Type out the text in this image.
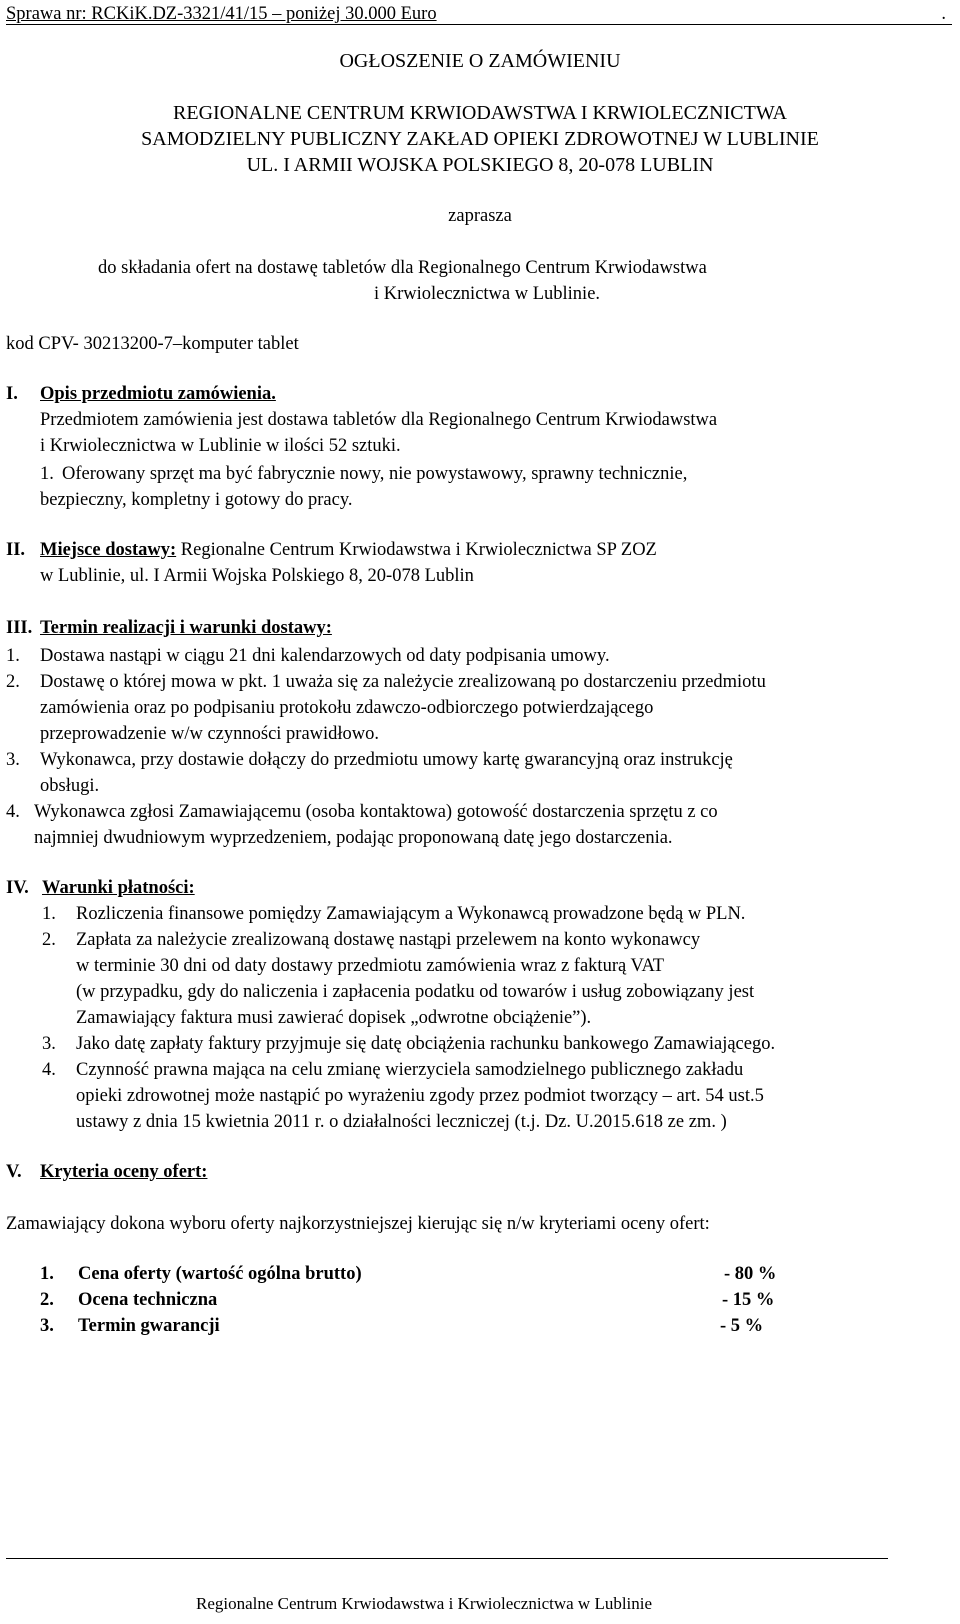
Sprawa nr: RCKiK.DZ-3321/41/15 – poniżej 30.000 Euro	.
OGŁOSZENIE O ZAMÓWIENIU
REGIONALNE CENTRUM KRWIODAWSTWA I KRWIOLECZNICTWA
SAMODZIELNY PUBLICZNY ZAKŁAD OPIEKI ZDROWOTNEJ W LUBLINIE
UL. I ARMII WOJSKA POLSKIEGO 8, 20-078 LUBLIN
zaprasza
do składania ofert na dostawę tabletów dla Regionalnego Centrum Krwiodawstwa
i Krwiolecznictwa w Lublinie.
kod CPV- 30213200-7–komputer tablet
I. Opis przedmiotu zamówienia.
Przedmiotem zamówienia jest dostawa tabletów dla Regionalnego Centrum Krwiodawstwa
i Krwiolecznictwa w Lublinie w ilości 52 sztuki.
1. Oferowany sprzęt ma być fabrycznie nowy, nie powystawowy, sprawny technicznie,
bezpieczny, kompletny i gotowy do pracy.
II. Miejsce dostawy: Regionalne Centrum Krwiodawstwa i Krwiolecznictwa SP ZOZ
w Lublinie, ul. I Armii Wojska Polskiego 8, 20-078 Lublin
III. Termin realizacji i warunki dostawy:
1. Dostawa nastąpi w ciągu 21 dni kalendarzowych od daty podpisania umowy.
2. Dostawę o której mowa w pkt. 1 uważa się za należycie zrealizowaną po dostarczeniu przedmiotu
zamówienia oraz po podpisaniu protokołu zdawczo-odbiorczego potwierdzającego
przeprowadzenie w/w czynności prawidłowo.
3. Wykonawca, przy dostawie dołączy do przedmiotu umowy kartę gwarancyjną oraz instrukcję
obsługi.
4. Wykonawca zgłosi Zamawiającemu (osoba kontaktowa) gotowość dostarczenia sprzętu z co
najmniej dwudniowym wyprzedzeniem, podając proponowaną datę jego dostarczenia.
IV. Warunki płatności:
1. Rozliczenia finansowe pomiędzy Zamawiającym a Wykonawcą prowadzone będą w PLN.
2. Zapłata za należycie zrealizowaną dostawę nastąpi przelewem na konto wykonawcy
w terminie 30 dni od daty dostawy przedmiotu zamówienia wraz z fakturą VAT
(w przypadku, gdy do naliczenia i zapłacenia podatku od towarów i usług zobowiązany jest
Zamawiający faktura musi zawierać dopisek „odwrotne obciążenie”).
3. Jako datę zapłaty faktury przyjmuje się datę obciążenia rachunku bankowego Zamawiającego.
4. Czynność prawna mająca na celu zmianę wierzyciela samodzielnego publicznego zakładu
opieki zdrowotnej może nastąpić po wyrażeniu zgody przez podmiot tworzący – art. 54 ust.5
ustawy z dnia 15 kwietnia 2011 r. o działalności leczniczej (t.j. Dz. U.2015.618 ze zm. )
V. Kryteria oceny ofert:
Zamawiający dokona wyboru oferty najkorzystniejszej kierując się n/w kryteriami oceny ofert:
1. Cena oferty (wartość ogólna brutto)	- 80 %
2. Ocena techniczna	- 15 %
3. Termin gwarancji	- 5 %
Regionalne Centrum Krwiodawstwa i Krwiolecznictwa w Lublinie
